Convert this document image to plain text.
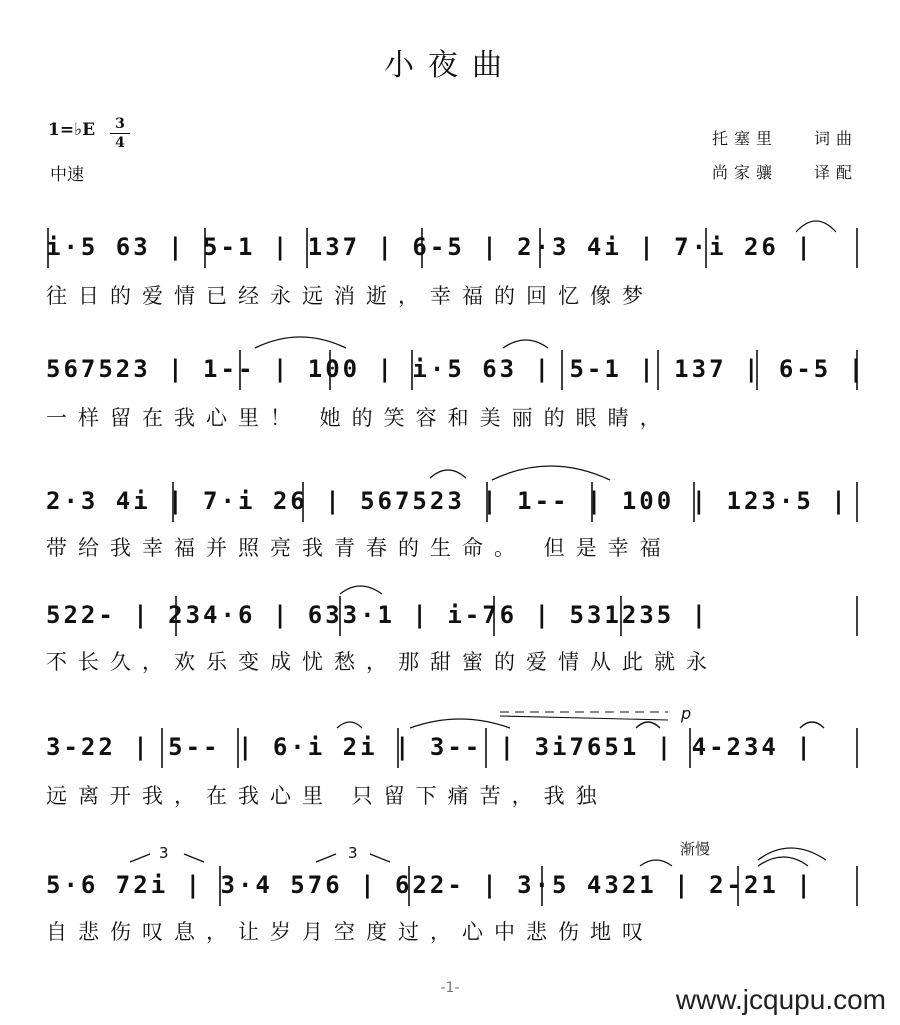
小夜曲
1=♭E	3
4
中速
托塞里 词曲
尚家骧 译配
p
渐慢
3	3
i·5 63 | 5-1 | 137 | 6-5 | 2·3 4i | 7·i 26 |
往日的爱情已经永远消逝，幸福的回忆像梦
567523 | 1-- | 100 | i·5 63 | 5-1 | 137 | 6-5 |
一样留在我心里！ 她的笑容和美丽的眼睛，
2·3 4i | 7·i 26 | 567523 | 1-- | 100 | 123·5 |
带给我幸福并照亮我青春的生命。 但是幸福
522- | 234·6 | 633·1 | i-76 | 531235 |
不长久，欢乐变成忧愁，那甜蜜的爱情从此就永
3-22 | 5-- | 6·i 2i | 3-- | 3i7651 | 4-234 |
远离开我，在我心里 只留下痛苦，我独
5·6 72i | 3·4 576 | 622- | 3·5 4321 | 2-21 |
自悲伤叹息，让岁月空度过，心中悲伤地叹
-1-	www.jcqupu.com
